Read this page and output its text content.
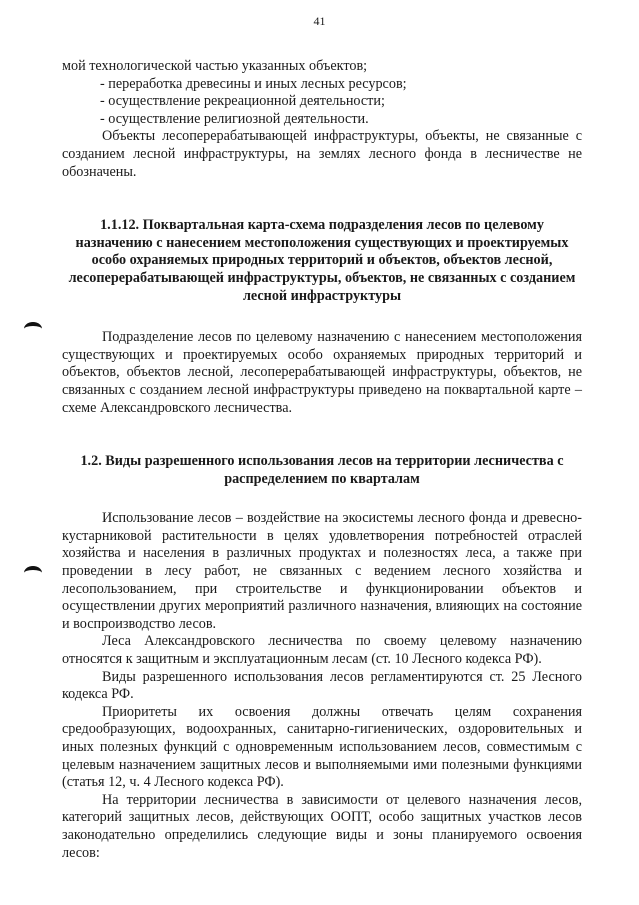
41

мой технологической частью указанных объектов;

- переработка древесины и иных лесных ресурсов;

- осуществление рекреационной деятельности;

- осуществление религиозной деятельности.

Объекты лесоперерабатывающей инфраструктуры, объекты, не связанные с созданием лесной инфраструктуры, на землях лесного фонда в лесничестве не обозначены.

1.1.12. Поквартальная карта-схема подразделения лесов по целевому назначению с нанесением местоположения существующих и проектируемых особо охраняемых природных территорий и объектов, объектов лесной, лесоперерабатывающей инфраструктуры, объектов, не связанных с созданием лесной инфраструктуры

Подразделение лесов по целевому назначению с нанесением местоположения существующих и проектируемых особо охраняемых природных территорий и объектов, объектов лесной, лесоперерабатывающей инфраструктуры, объектов, не связанных с созданием лесной инфраструктуры приведено на поквартальной карте – схеме Александровского лесничества.

1.2. Виды разрешенного использования лесов на территории лесничества с распределением по кварталам

Использование лесов – воздействие на экосистемы лесного фонда и древесно-кустарниковой растительности в целях удовлетворения потребностей отраслей хозяйства и населения в различных продуктах и полезностях леса, а также при проведении в лесу работ, не связанных с ведением лесного хозяйства и лесопользованием, при строительстве и функционировании объектов и осуществлении других мероприятий различного назначения, влияющих на состояние и воспроизводство лесов.

Леса Александровского лесничества по своему целевому назначению относятся к защитным и эксплуатационным лесам (ст. 10 Лесного кодекса РФ).

Виды разрешенного использования лесов регламентируются ст. 25 Лесного кодекса РФ.

Приоритеты их освоения должны отвечать целям сохранения средообразующих, водоохранных, санитарно-гигиенических, оздоровительных и иных полезных функций с одновременным использованием лесов, совместимым с целевым назначением защитных лесов и выполняемыми ими полезными функциями (статья 12, ч. 4 Лесного кодекса РФ).

На территории лесничества в зависимости от целевого назначения лесов, категорий защитных лесов, действующих ООПТ, особо защитных участков лесов законодательно определились следующие виды и зоны планируемого освоения лесов:
